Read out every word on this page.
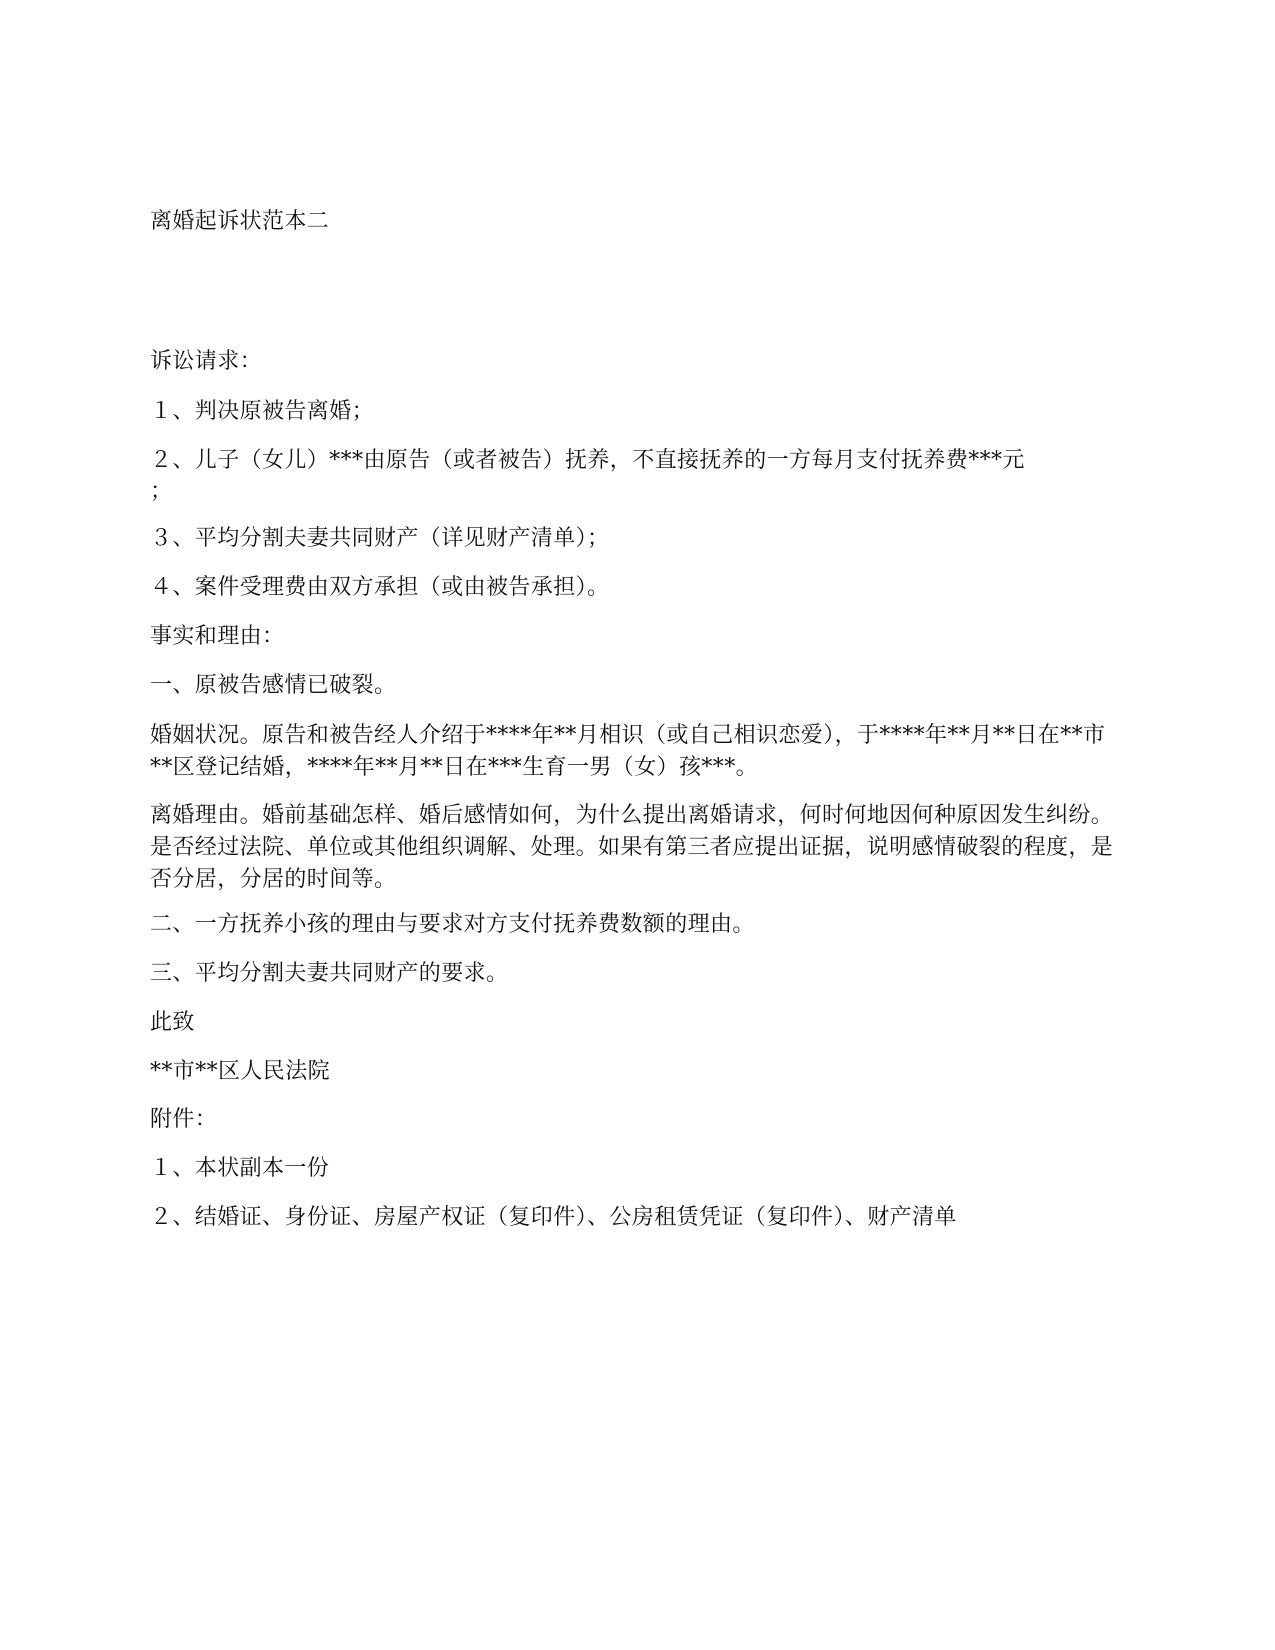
离婚起诉状范本二
诉讼请求：
１、判决原被告离婚；
２、儿子（女儿）***由原告（或者被告）抚养，不直接抚养的一方每月支付抚养费***元
；
３、平均分割夫妻共同财产（详见财产清单）；
４、案件受理费由双方承担（或由被告承担）。
事实和理由：
一、原被告感情已破裂。
婚姻状况。原告和被告经人介绍于****年**月相识（或自己相识恋爱），于****年**月**日在**市**区登记结婚，****年**月**日在***生育一男（女）孩***。
离婚理由。婚前基础怎样、婚后感情如何，为什么提出离婚请求，何时何地因何种原因发生纠纷。是否经过法院、单位或其他组织调解、处理。如果有第三者应提出证据，说明感情破裂的程度，是否分居，分居的时间等。
二、一方抚养小孩的理由与要求对方支付抚养费数额的理由。
三、平均分割夫妻共同财产的要求。
此致
**市**区人民法院
附件：
１、本状副本一份
２、结婚证、身份证、房屋产权证（复印件）、公房租赁凭证（复印件）、财产清单
